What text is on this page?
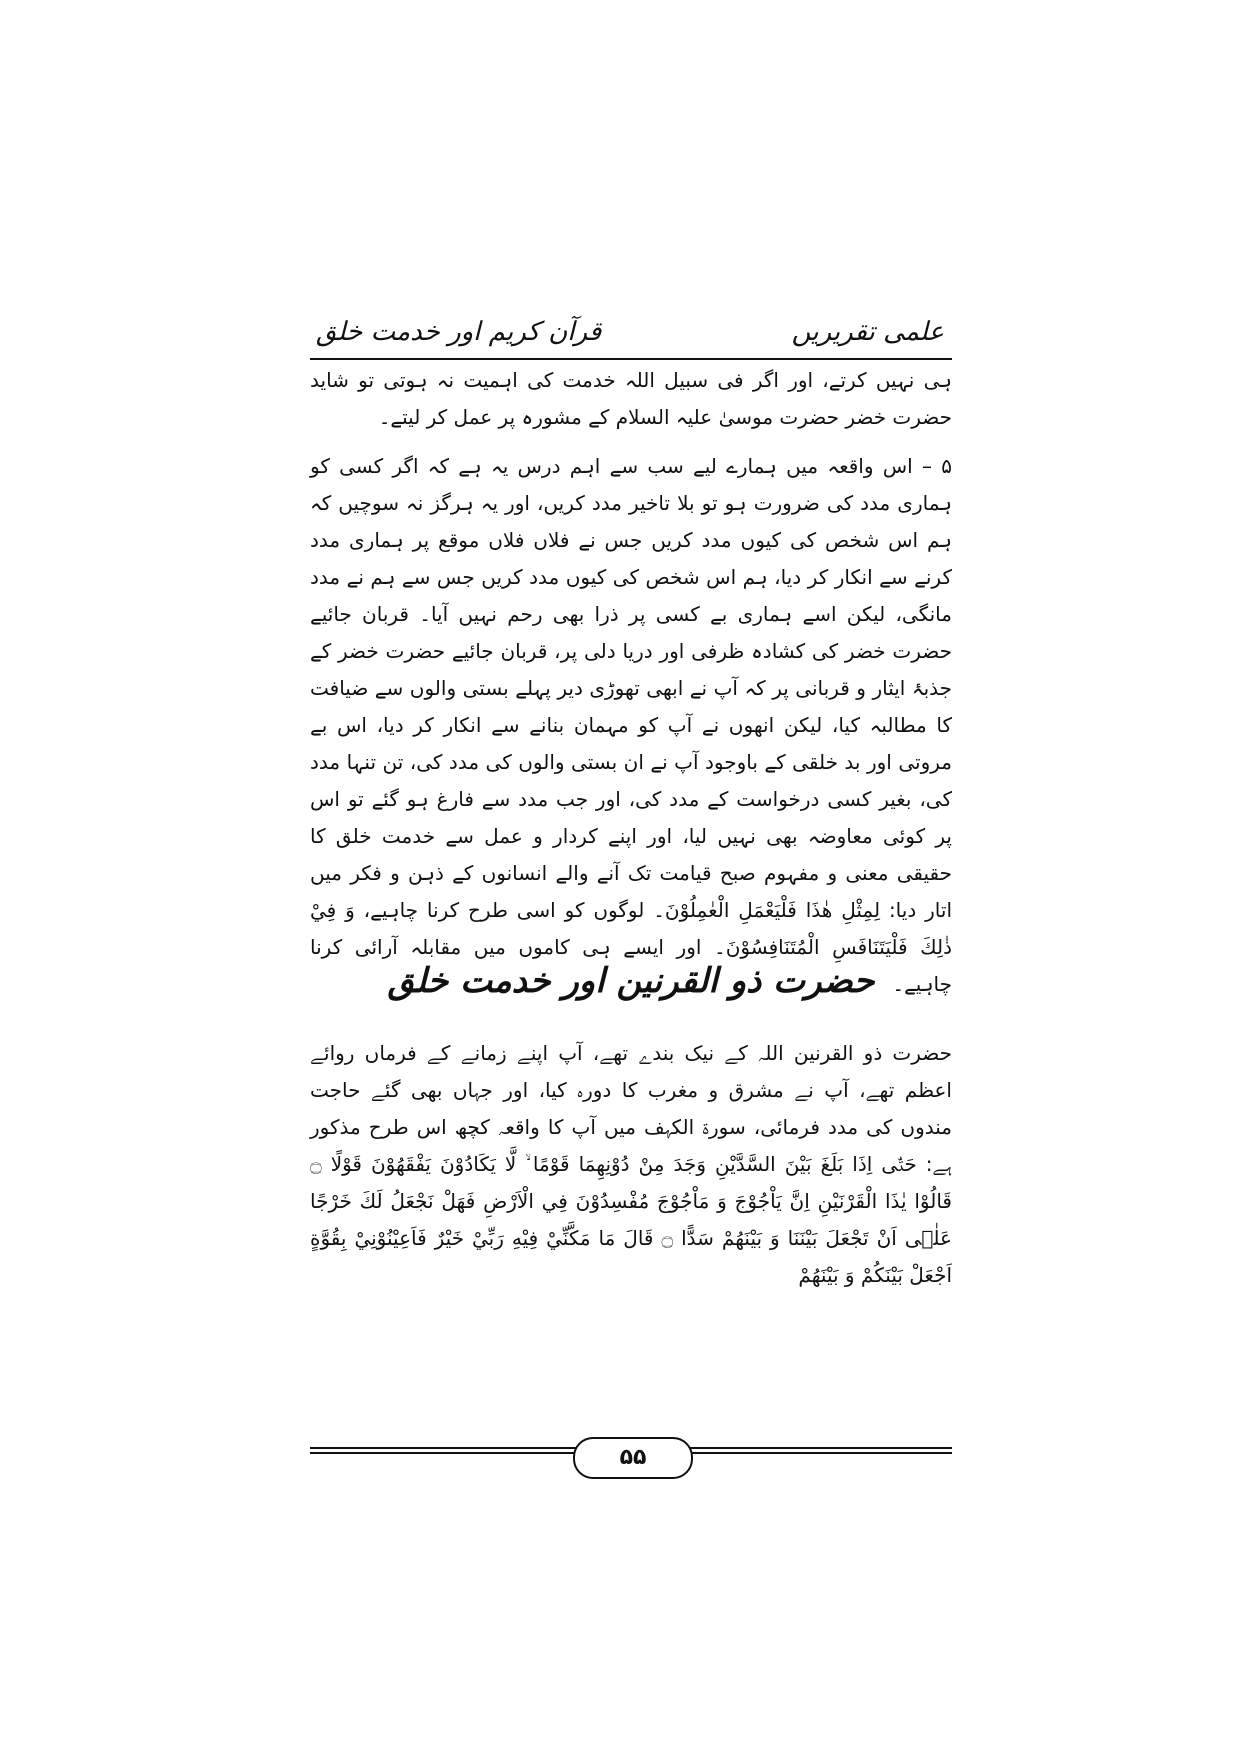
علمی تقریریں
قرآن کریم اور خدمت خلق

ہی نہیں کرتے، اور اگر فی سبیل اللہ خدمت کی اہمیت نہ ہوتی تو شاید حضرت خضر حضرت موسیٰ علیہ السلام کے مشورہ پر عمل کر لیتے۔

۵ – اس واقعہ میں ہمارے لیے سب سے اہم درس یہ ہے کہ اگر کسی کو ہماری مدد کی ضرورت ہو تو بلا تاخیر مدد کریں، اور یہ ہرگز نہ سوچیں کہ ہم اس شخص کی کیوں مدد کریں جس نے فلاں فلاں موقع پر ہماری مدد کرنے سے انکار کر دیا، ہم اس شخص کی کیوں مدد کریں جس سے ہم نے مدد مانگی، لیکن اسے ہماری بے کسی پر ذرا بھی رحم نہیں آیا۔ قربان جائیے حضرت خضر کی کشادہ ظرفی اور دریا دلی پر، قربان جائیے حضرت خضر کے جذبۂ ایثار و قربانی پر کہ آپ نے ابھی تھوڑی دیر پہلے بستی والوں سے ضیافت کا مطالبہ کیا، لیکن انھوں نے آپ کو مہمان بنانے سے انکار کر دیا، اس بے مروتی اور بد خلقی کے باوجود آپ نے ان بستی والوں کی مدد کی، تن تنہا مدد کی، بغیر کسی درخواست کے مدد کی، اور جب مدد سے فارغ ہو گئے تو اس پر کوئی معاوضہ بھی نہیں لیا، اور اپنے کردار و عمل سے خدمت خلق کا حقیقی معنی و مفہوم صبح قیامت تک آنے والے انسانوں کے ذہن و فکر میں اتار دیا: لِمِثْلِ هٰذَا فَلْيَعْمَلِ الْعٰمِلُوْنَ۔ لوگوں کو اسی طرح کرنا چاہیے، وَ فِيْ ذٰلِكَ فَلْيَتَنَافَسِ الْمُتَنَافِسُوْنَ۔ اور ایسے ہی کاموں میں مقابلہ آرائی کرنا چاہیے۔

حضرت ذو القرنین اور خدمت خلق

حضرت ذو القرنین اللہ کے نیک بندے تھے، آپ اپنے زمانے کے فرماں روائے اعظم تھے، آپ نے مشرق و مغرب کا دورہ کیا، اور جہاں بھی گئے حاجت مندوں کی مدد فرمائی، سورۃ الکہف میں آپ کا واقعہ کچھ اس طرح مذکور ہے: حَتّٰۤى اِذَا بَلَغَ بَيْنَ السَّدَّيْنِ وَجَدَ مِنْ دُوْنِهِمَا قَوْمًا ۙ لَّا يَكَادُوْنَ يَفْقَهُوْنَ قَوْلًا ۝ قَالُوْا يٰذَا الْقَرْنَيْنِ اِنَّ يَاْجُوْجَ وَ مَاْجُوْجَ مُفْسِدُوْنَ فِي الْاَرْضِ فَهَلْ نَجْعَلُ لَكَ خَرْجًا عَلٰۤى اَنْ تَجْعَلَ بَيْنَنَا وَ بَيْنَهُمْ سَدًّا ۝ قَالَ مَا مَكَّنِّيْ فِيْهِ رَبِّيْ خَيْرٌ فَاَعِيْنُوْنِيْ بِقُوَّةٍ اَجْعَلْ بَيْنَكُمْ وَ بَيْنَهُمْ

۵۵
